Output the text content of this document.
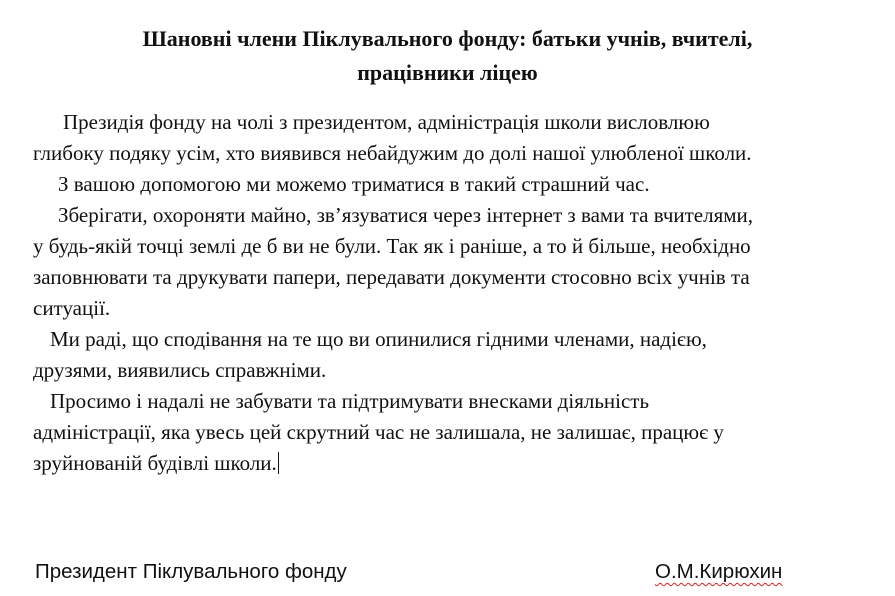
Шановні члени Піклувального фонду: батьки учнів, вчителі,
працівники ліцею
Президія фонду на чолі з президентом, адміністрація школи висловлюю
глибоку подяку усім, хто виявився небайдужим до долі нашої улюбленої школи.
З вашою допомогою ми можемо триматися в такий страшний час.
Зберігати, охороняти майно, зв’язуватися через інтернет з вами та вчителями,
у будь-якій точці землі де б ви не були. Так як і раніше, а то й більше, необхідно
заповнювати та друкувати папери, передавати документи стосовно всіх учнів та
ситуації.
Ми раді, що сподівання на те що ви опинилися гідними членами, надією,
друзями, виявились справжніми.
Просимо і надалі не забувати та підтримувати внесками діяльність
адміністрації, яка увесь цей скрутний час не залишала, не залишає, працює у
зруйнованій будівлі школи.
Президент Піклувального фонду	О.М.Кирюхин
